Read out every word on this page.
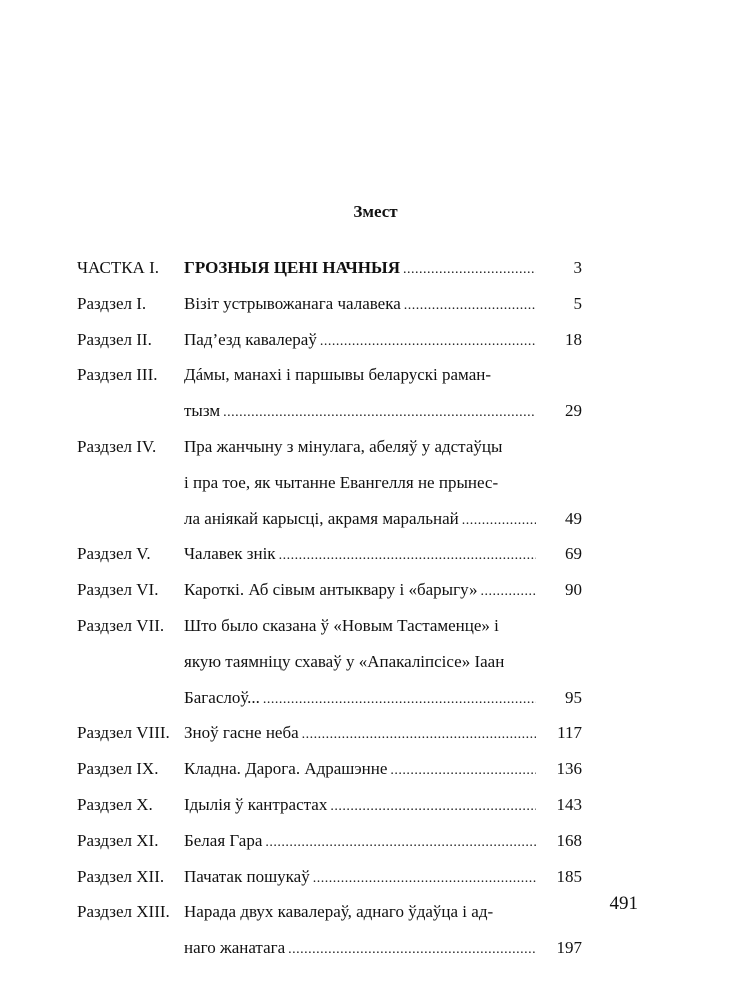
Змест
ЧАСТКА І. ГРОЗНЫЯ ЦЕНІ НАЧНЫЯ .....	3
Раздзел І. Візіт устрывожанага чалавека .....	5
Раздзел ІІ. Пад’езд кавалераў .....	18
Раздзел ІІІ. Дáмы, манахі і паршывы беларускі раман-
тызм .....	29
Раздзел IV. Пра жанчыну з мінулага, абеляў у адстаўцы
і пра тое, як чытанне Евангелля не прынес-
ла аніякай карысці, акрамя маральнай .....	49
Раздзел V. Чалавек знік .....	69
Раздзел VI. Кароткі. Аб сівым антыквару і «барыгу» .....	90
Раздзел VII. Што было сказана ў «Новым Тастаменце» і
якую таямніцу схаваў у «Апакаліпсісе» Іаан
Багаслоў... .....	95
Раздзел VIII. Зноў гасне неба .....	117
Раздзел IX. Кладна. Дарога. Адрашэнне .....	136
Раздзел X. Ідылія ў кантрастах .....	143
Раздзел XI. Белая Гара .....	168
Раздзел XII. Пачатак пошукаў .....	185
Раздзел XIII. Нарада двух кавалераў, аднаго ўдаўца і ад-
наго жанатага .....	197
491
